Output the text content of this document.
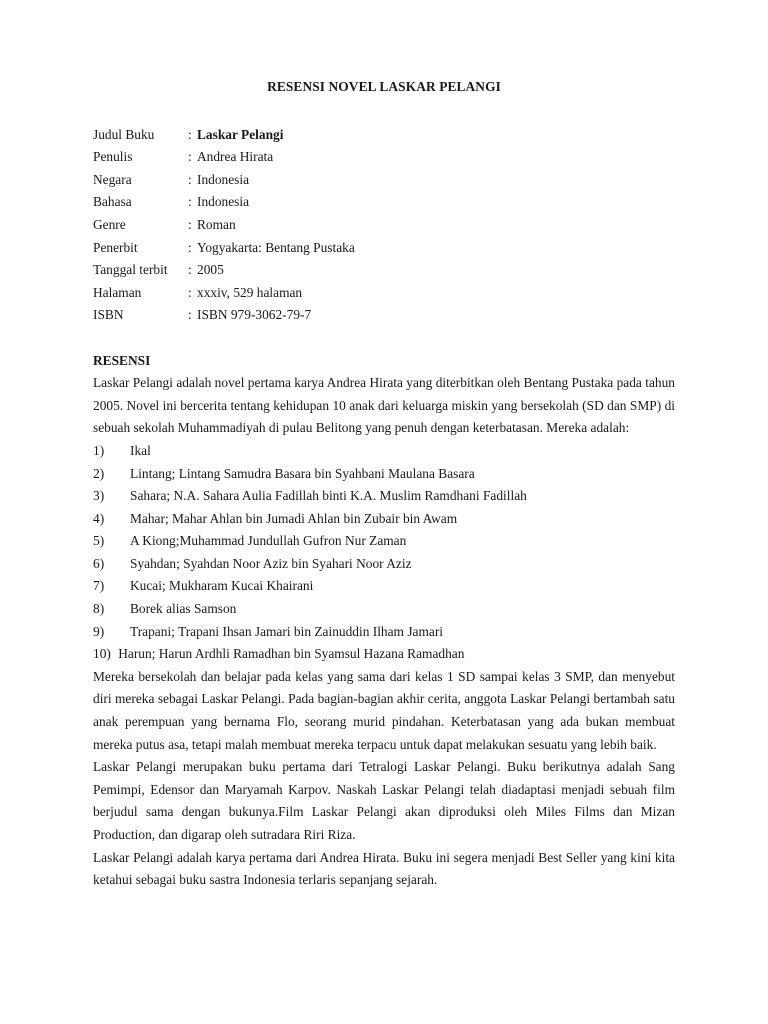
RESENSI NOVEL LASKAR PELANGI
Judul Buku	: Laskar Pelangi
Penulis	: Andrea Hirata
Negara	: Indonesia
Bahasa	: Indonesia
Genre	: Roman
Penerbit	: Yogyakarta: Bentang Pustaka
Tanggal terbit	: 2005
Halaman	: xxxiv, 529 halaman
ISBN	: ISBN 979-3062-79-7
RESENSI

Laskar Pelangi adalah novel pertama karya Andrea Hirata yang diterbitkan oleh Bentang Pustaka pada tahun 2005. Novel ini bercerita tentang kehidupan 10 anak dari keluarga miskin yang bersekolah (SD dan SMP) di sebuah sekolah Muhammadiyah di pulau Belitong yang penuh dengan keterbatasan. Mereka adalah:

1)	Ikal
2)	Lintang; Lintang Samudra Basara bin Syahbani Maulana Basara
3)	Sahara; N.A. Sahara Aulia Fadillah binti K.A. Muslim Ramdhani Fadillah
4)	Mahar; Mahar Ahlan bin Jumadi Ahlan bin Zubair bin Awam
5)	A Kiong;Muhammad Jundullah Gufron Nur Zaman
6)	Syahdan; Syahdan Noor Aziz bin Syahari Noor Aziz
7)	Kucai; Mukharam Kucai Khairani
8)	Borek alias Samson
9)	Trapani; Trapani Ihsan Jamari bin Zainuddin Ilham Jamari
10) Harun; Harun Ardhli Ramadhan bin Syamsul Hazana Ramadhan

Mereka bersekolah dan belajar pada kelas yang sama dari kelas 1 SD sampai kelas 3 SMP, dan menyebut diri mereka sebagai Laskar Pelangi. Pada bagian-bagian akhir cerita, anggota Laskar Pelangi bertambah satu anak perempuan yang bernama Flo, seorang murid pindahan. Keterbatasan yang ada bukan membuat mereka putus asa, tetapi malah membuat mereka terpacu untuk dapat melakukan sesuatu yang lebih baik.

Laskar Pelangi merupakan buku pertama dari Tetralogi Laskar Pelangi. Buku berikutnya adalah Sang Pemimpi, Edensor dan Maryamah Karpov. Naskah Laskar Pelangi telah diadaptasi menjadi sebuah film berjudul sama dengan bukunya.Film Laskar Pelangi akan diproduksi oleh Miles Films dan Mizan Production, dan digarap oleh sutradara Riri Riza.

Laskar Pelangi adalah karya pertama dari Andrea Hirata. Buku ini segera menjadi Best Seller yang kini kita ketahui sebagai buku sastra Indonesia terlaris sepanjang sejarah.
